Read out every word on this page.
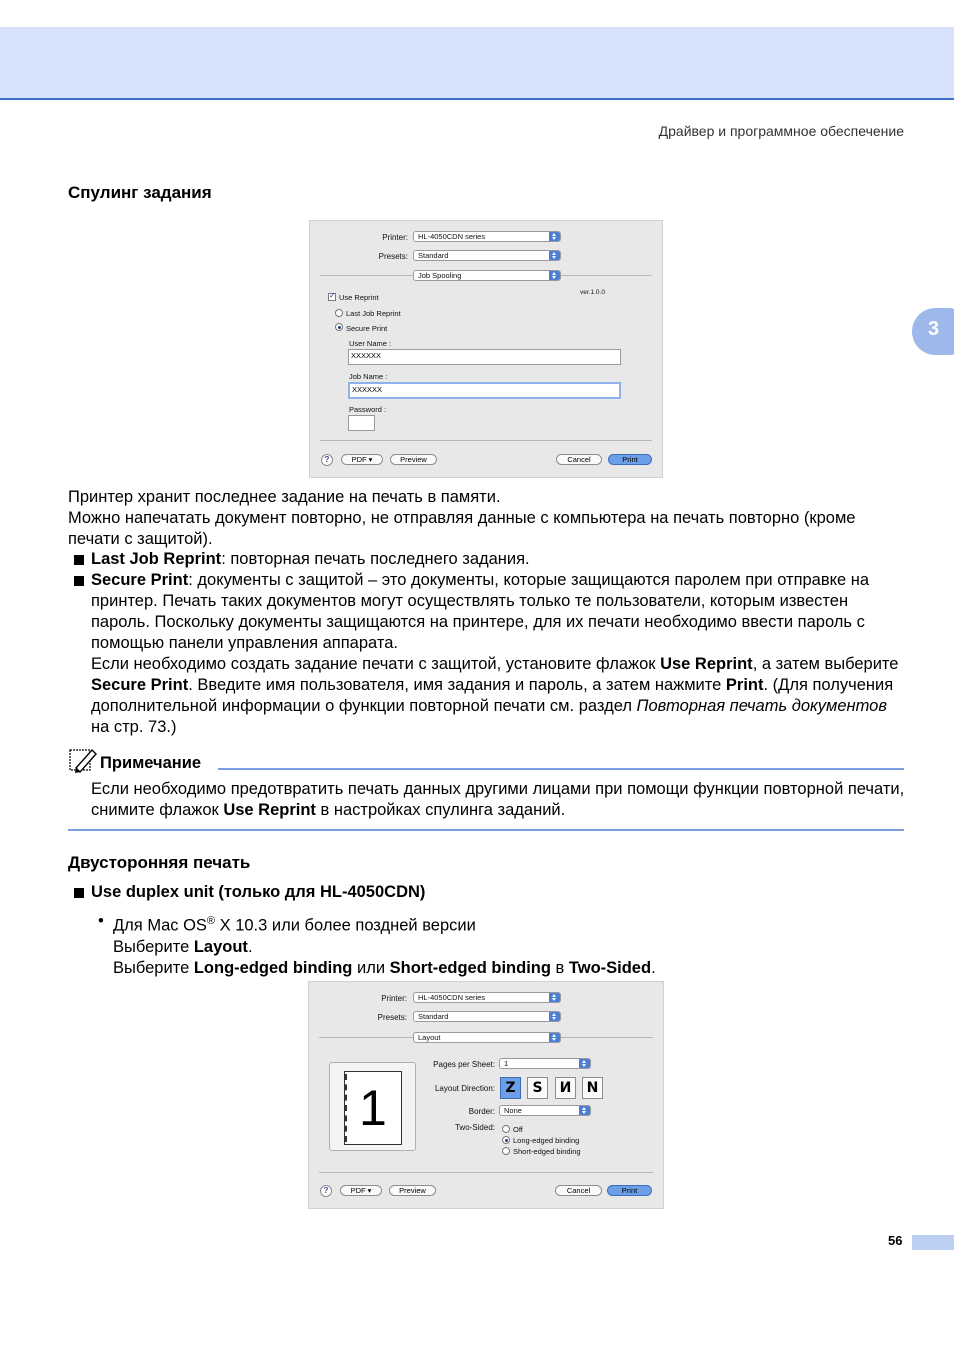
Драйвер и программное обеспечение
3
Спулинг задания
Printer:	HL-4050CDN series
Presets:	Standard
Job Spooling
✓
Use Reprint
ver.1.0.0
Last Job Reprint
Secure Print
User Name :
XXXXXX
Job Name :
XXXXXX
Password :
?	PDF ▾	Preview	Cancel	Print
Принтер хранит последнее задание на печать в памяти.
Можно напечатать документ повторно, не отправляя данные с компьютера на печать повторно (кроме печати с защитой).
Last Job Reprint: повторная печать последнего задания.
Secure Print: документы с защитой – это документы, которые защищаются паролем при отправке на принтер. Печать таких документов могут осуществлять только те пользователи, которым известен пароль. Поскольку документы защищаются на принтере, для их печати необходимо ввести пароль с помощью панели управления аппарата.
Если необходимо создать задание печати с защитой, установите флажок Use Reprint, а затем выберите Secure Print. Введите имя пользователя, имя задания и пароль, а затем нажмите Print. (Для получения дополнительной информации о функции повторной печати см. раздел Повторная печать документов на стр. 73.)
Примечание
Если необходимо предотвратить печать данных другими лицами при помощи функции повторной печати, снимите флажок Use Reprint в настройках спулинга заданий.
Двусторонняя печать
Use duplex unit (только для HL-4050CDN)
• Для Mac OS® X 10.3 или более поздней версии
Выберите Layout.
Выберите Long-edged binding или Short-edged binding в Two-Sided.
Printer:	HL-4050CDN series
Presets:	Standard
Layout
1
Pages per Sheet:	1
Layout Direction: Z	S	И	N
Border:	None
Two-Sided: Off
Long-edged binding
Short-edged binding
?	PDF ▾	Preview	Cancel	Print
56
